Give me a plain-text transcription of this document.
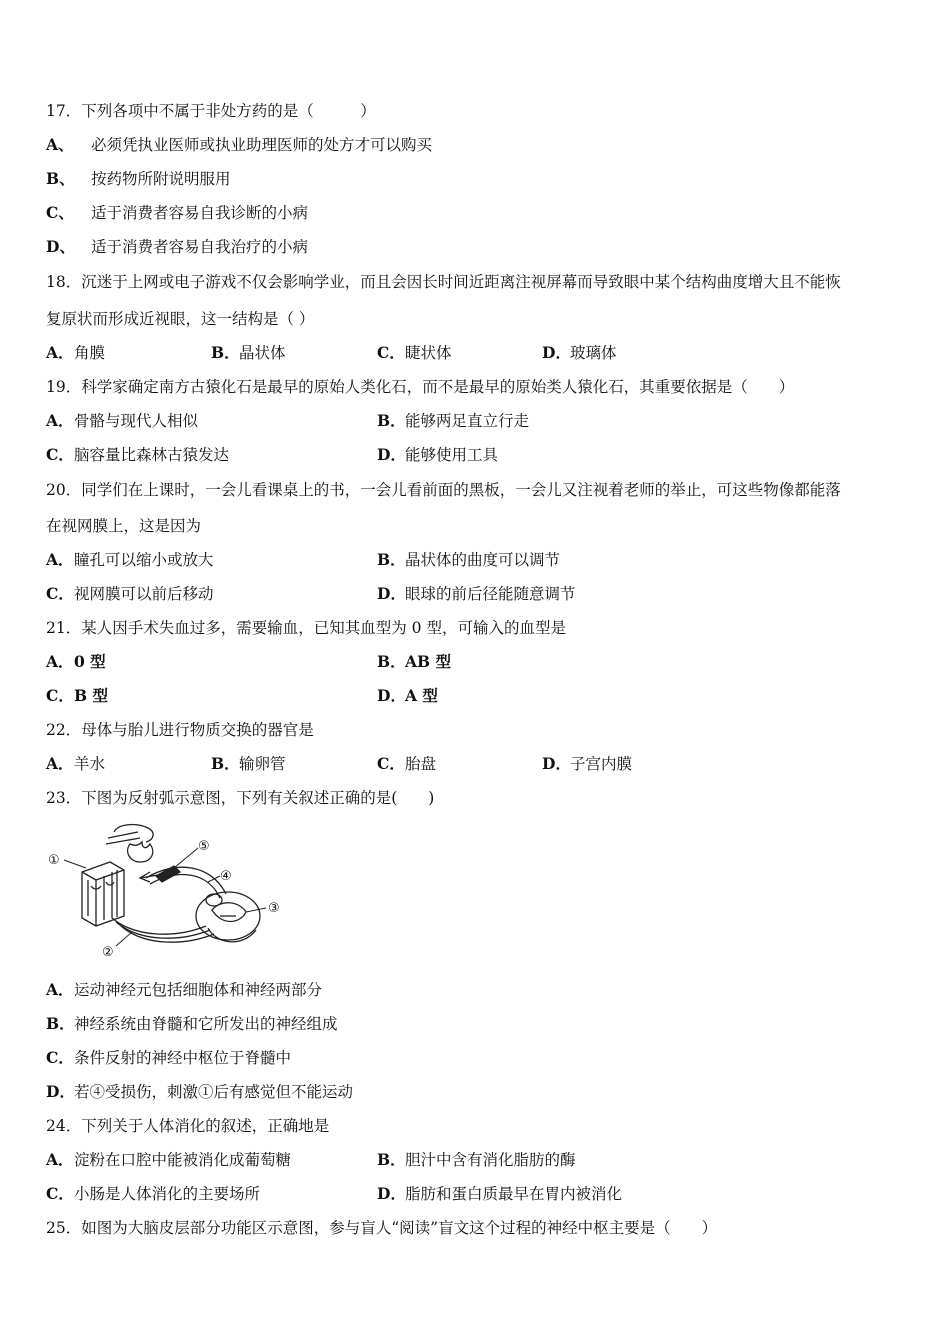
17．下列各项中不属于非处方药的是（　　　）
A、 必须凭执业医师或执业助理医师的处方才可以购买
B、 按药物所附说明服用
C、 适于消费者容易自我诊断的小病
D、 适于消费者容易自我治疗的小病
18．沉迷于上网或电子游戏不仅会影响学业，而且会因长时间近距离注视屏幕而导致眼中某个结构曲度增大且不能恢
复原状而形成近视眼，这一结构是（ ）
A．角膜	B．晶状体	C．睫状体	D．玻璃体
19．科学家确定南方古猿化石是最早的原始人类化石，而不是最早的原始类人猿化石，其重要依据是（　　）
A．骨骼与现代人相似	B．能够两足直立行走
C．脑容量比森林古猿发达	D．能够使用工具
20．同学们在上课时，一会儿看课桌上的书，一会儿看前面的黑板，一会儿又注视着老师的举止，可这些物像都能落
在视网膜上，这是因为
A．瞳孔可以缩小或放大	B．晶状体的曲度可以调节
C．视网膜可以前后移动	D．眼球的前后径能随意调节
21．某人因手术失血过多，需要输血，已知其血型为 0 型，可输入的血型是
A．0 型	B．AB 型
C．B 型	D．A 型
22．母体与胎儿进行物质交换的器官是
A．羊水	B．输卵管	C．胎盘	D．子宫内膜
23．下图为反射弧示意图，下列有关叙述正确的是(　　)
①
②
③
④
⑤
A．运动神经元包括细胞体和神经两部分
B．神经系统由脊髓和它所发出的神经组成
C．条件反射的神经中枢位于脊髓中
D．若④受损伤，刺激①后有感觉但不能运动
24．下列关于人体消化的叙述，正确地是
A．淀粉在口腔中能被消化成葡萄糖	B．胆汁中含有消化脂肪的酶
C．小肠是人体消化的主要场所	D．脂肪和蛋白质最早在胃内被消化
25．如图为大脑皮层部分功能区示意图，参与盲人“阅读”盲文这个过程的神经中枢主要是（　　）
